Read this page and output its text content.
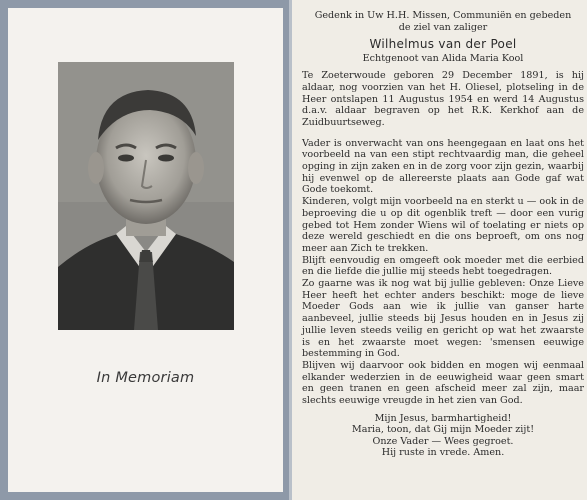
In Memoriam
Gedenk in Uw H.H. Missen, Communiën en gebeden
de ziel van zaliger
Wilhelmus van der Poel
Echtgenoot van Alida Maria Kool
Te Zoeterwoude geboren 29 December 1891, is hij aldaar, nog voorzien van het H. Oliesel, plotseling in de Heer ontslapen 11 Augustus 1954 en werd 14 Augustus d.a.v. aldaar begraven op het R.K. Kerkhof aan de Zuidbuurtseweg.
Vader is onverwacht van ons heengegaan en laat ons het voorbeeld na van een stipt rechtvaardig man, die geheel opging in zijn zaken en in de zorg voor zijn gezin, waarbij hij evenwel op de allereerste plaats aan Gode gaf wat Gode toekomt.
Kinderen, volgt mijn voorbeeld na en sterkt u — ook in de beproeving die u op dit ogenblik treft — door een vurig gebed tot Hem zonder Wiens wil of toelating er niets op deze wereld geschiedt en die ons beproeft, om ons nog meer aan Zich te trekken.
Blijft eenvoudig en omgeeft ook moeder met die eerbied en die liefde die jullie mij steeds hebt toegedragen.
Zo gaarne was ik nog wat bij jullie gebleven: Onze Lieve Heer heeft het echter anders beschikt: moge de lieve Moeder Gods aan wie ik jullie van ganser harte aanbeveel, jullie steeds bij Jesus houden en in Jesus zij jullie leven steeds veilig en gericht op wat het zwaarste is en het zwaarste moet wegen: 'smensen eeuwige bestemming in God.
Blijven wij daarvoor ook bidden en mogen wij eenmaal elkander wederzien in de eeuwigheid waar geen smart en geen tranen en geen afscheid meer zal zijn, maar slechts eeuwige vreugde in het zien van God.
Mijn Jesus, barmhartigheid!
Maria, toon, dat Gij mijn Moeder zijt!
Onze Vader — Wees gegroet.
Hij ruste in vrede. Amen.
